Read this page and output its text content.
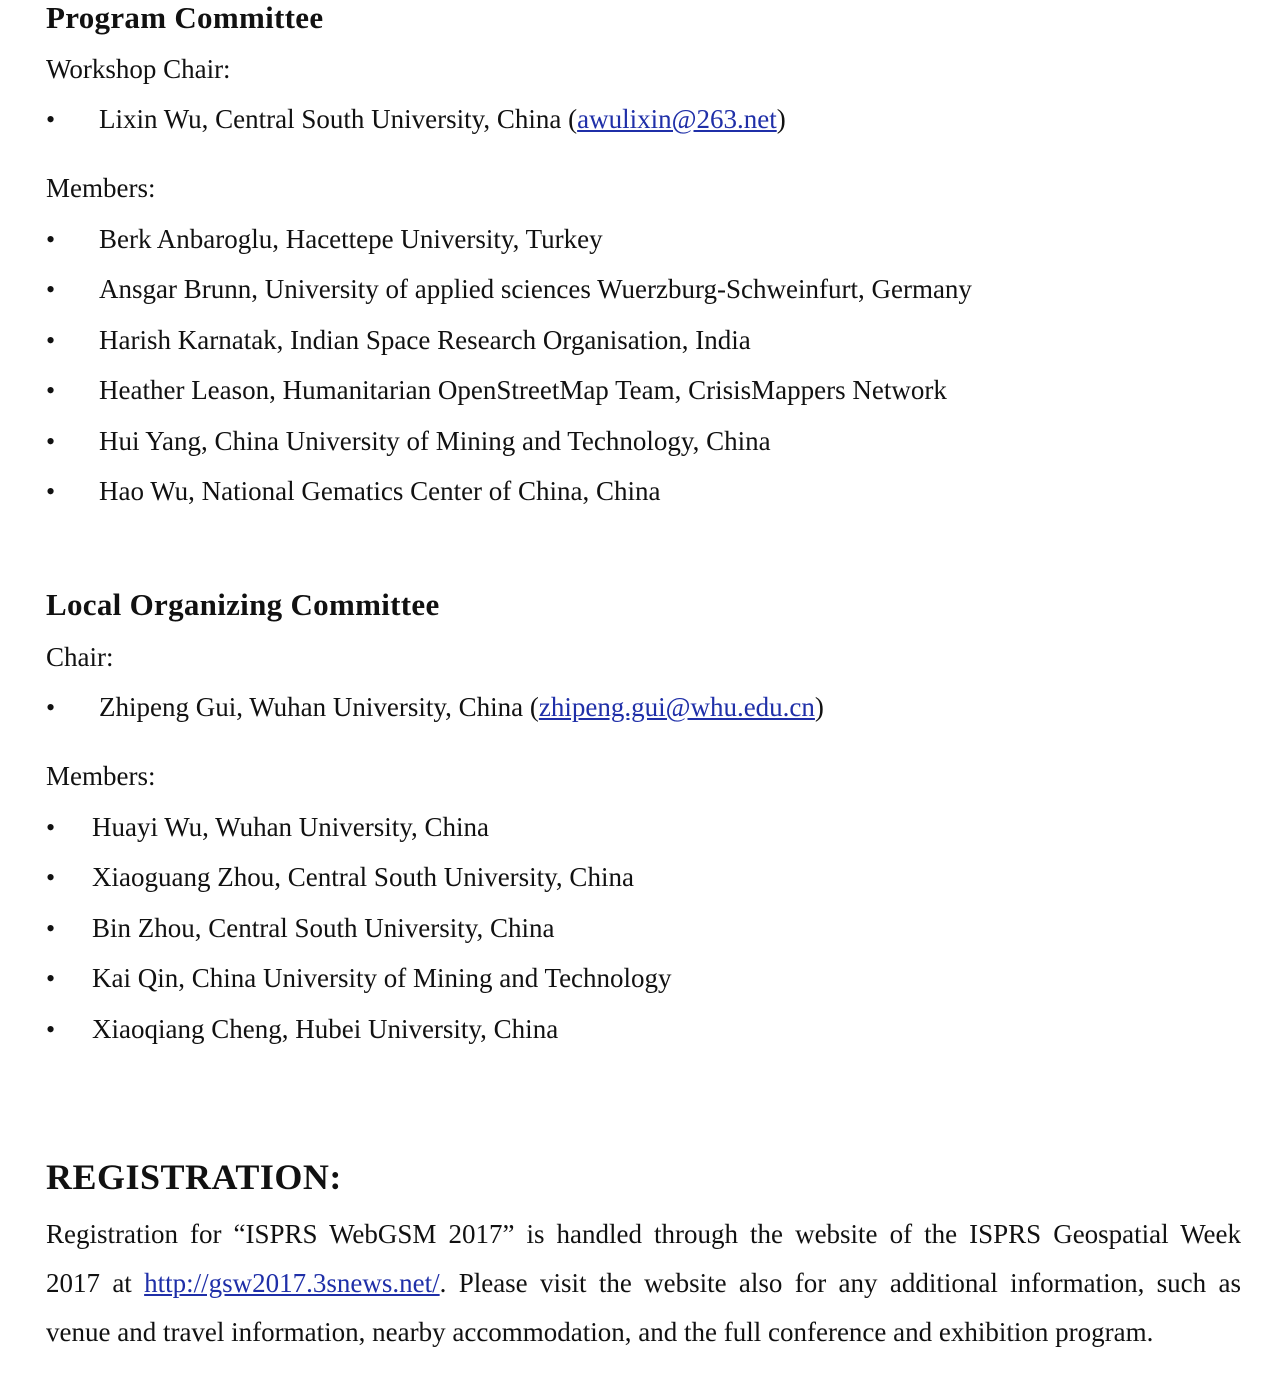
Program Committee
Workshop Chair:
• Lixin Wu, Central South University, China (awulixin@263.net)
Members:
• Berk Anbaroglu, Hacettepe University, Turkey
• Ansgar Brunn, University of applied sciences Wuerzburg-Schweinfurt, Germany
• Harish Karnatak, Indian Space Research Organisation, India
• Heather Leason, Humanitarian OpenStreetMap Team, CrisisMappers Network
• Hui Yang, China University of Mining and Technology, China
• Hao Wu, National Gematics Center of China, China
Local Organizing Committee
Chair:
• Zhipeng Gui, Wuhan University, China (zhipeng.gui@whu.edu.cn)
Members:
• Huayi Wu, Wuhan University, China
• Xiaoguang Zhou, Central South University, China
• Bin Zhou, Central South University, China
• Kai Qin, China University of Mining and Technology
• Xiaoqiang Cheng, Hubei University, China
REGISTRATION:
Registration for “ISPRS WebGSM 2017” is handled through the website of the ISPRS Geospatial Week
2017 at http://gsw2017.3snews.net/. Please visit the website also for any additional information, such as
venue and travel information, nearby accommodation, and the full conference and exhibition program.
